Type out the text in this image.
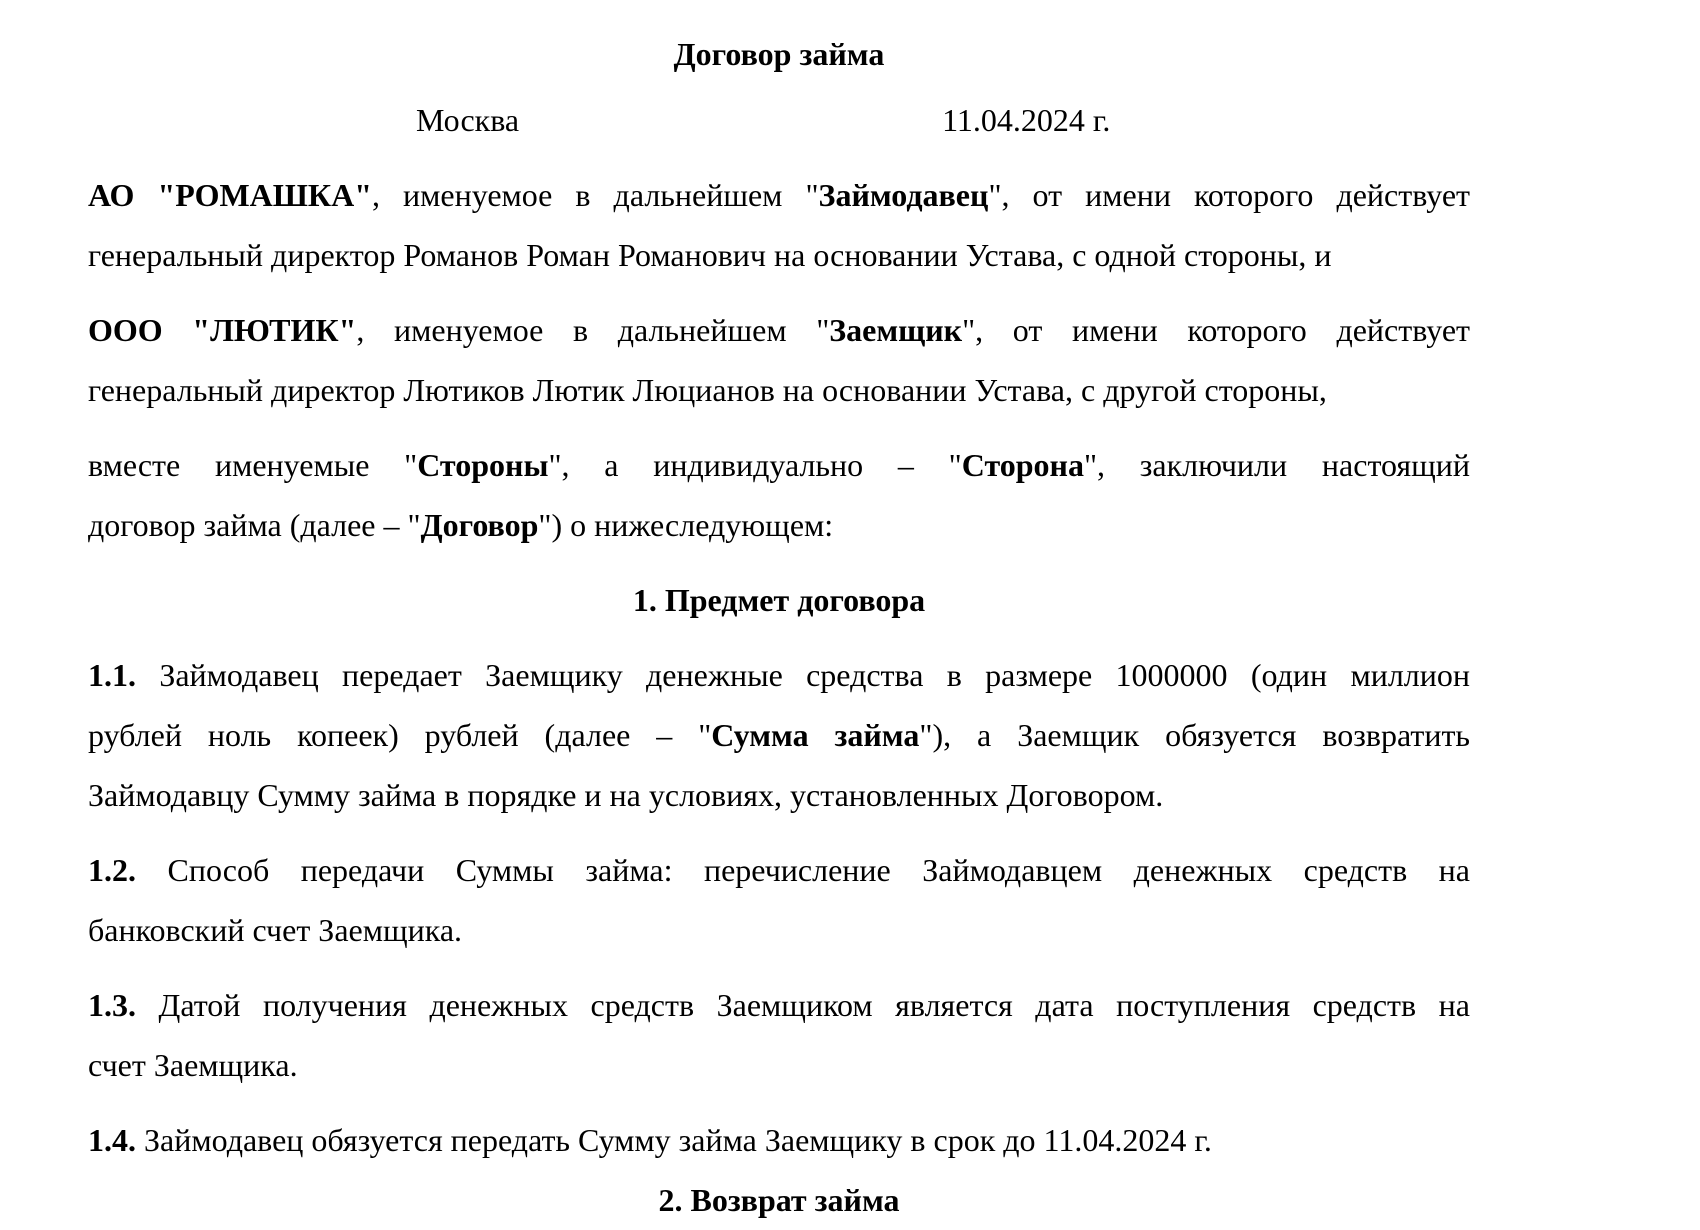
Договор займа
Москва	11.04.2024 г.
АО "РОМАШКА", именуемое в дальнейшем "Займодавец", от имени которого действует
генеральный директор Романов Роман Романович на основании Устава, с одной стороны, и
ООО "ЛЮТИК", именуемое в дальнейшем "Заемщик", от имени которого действует
генеральный директор Лютиков Лютик Люцианов на основании Устава, с другой стороны,
вместе именуемые "Стороны", а индивидуально – "Сторона", заключили настоящий
договор займа (далее – "Договор") о нижеследующем:
1. Предмет договора
1.1. Займодавец передает Заемщику денежные средства в размере 1000000 (один миллион
рублей ноль копеек) рублей (далее – "Сумма займа"), а Заемщик обязуется возвратить
Займодавцу Сумму займа в порядке и на условиях, установленных Договором.
1.2. Способ передачи Суммы займа: перечисление Займодавцем денежных средств на
банковский счет Заемщика.
1.3. Датой получения денежных средств Заемщиком является дата поступления средств на
счет Заемщика.
1.4. Займодавец обязуется передать Сумму займа Заемщику в срок до 11.04.2024 г.
2. Возврат займа
